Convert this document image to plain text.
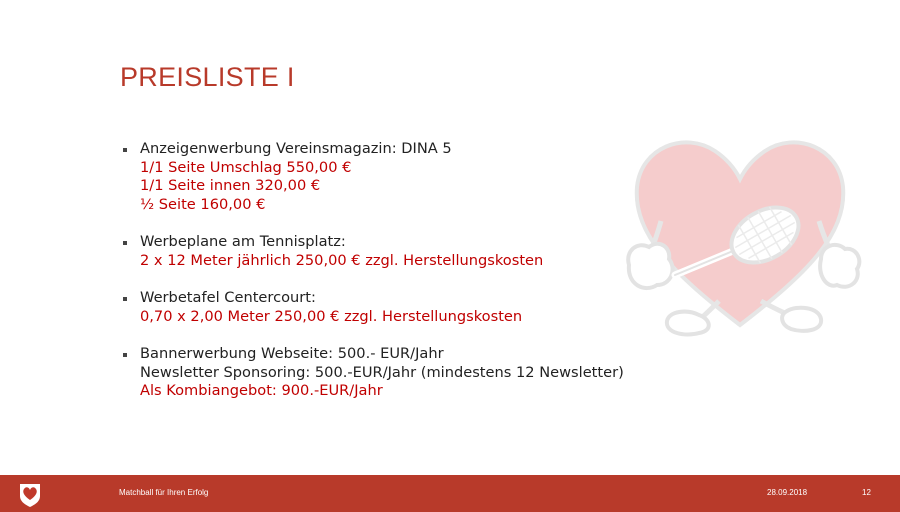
PREISLISTE I
Anzeigenwerbung Vereinsmagazin: DINA 5
1/1 Seite Umschlag 550,00 €
1/1 Seite innen 320,00 €
½ Seite 160,00 €
Werbeplane am Tennisplatz:
2 x 12 Meter jährlich 250,00 € zzgl. Herstellungskosten
Werbetafel Centercourt:
0,70 x 2,00 Meter 250,00 € zzgl. Herstellungskosten
Bannerwerbung Webseite: 500.- EUR/Jahr
Newsletter Sponsoring: 500.-EUR/Jahr (mindestens 12 Newsletter)
Als Kombiangebot: 900.-EUR/Jahr
Matchball für Ihren Erfolg	28.09.2018	12
